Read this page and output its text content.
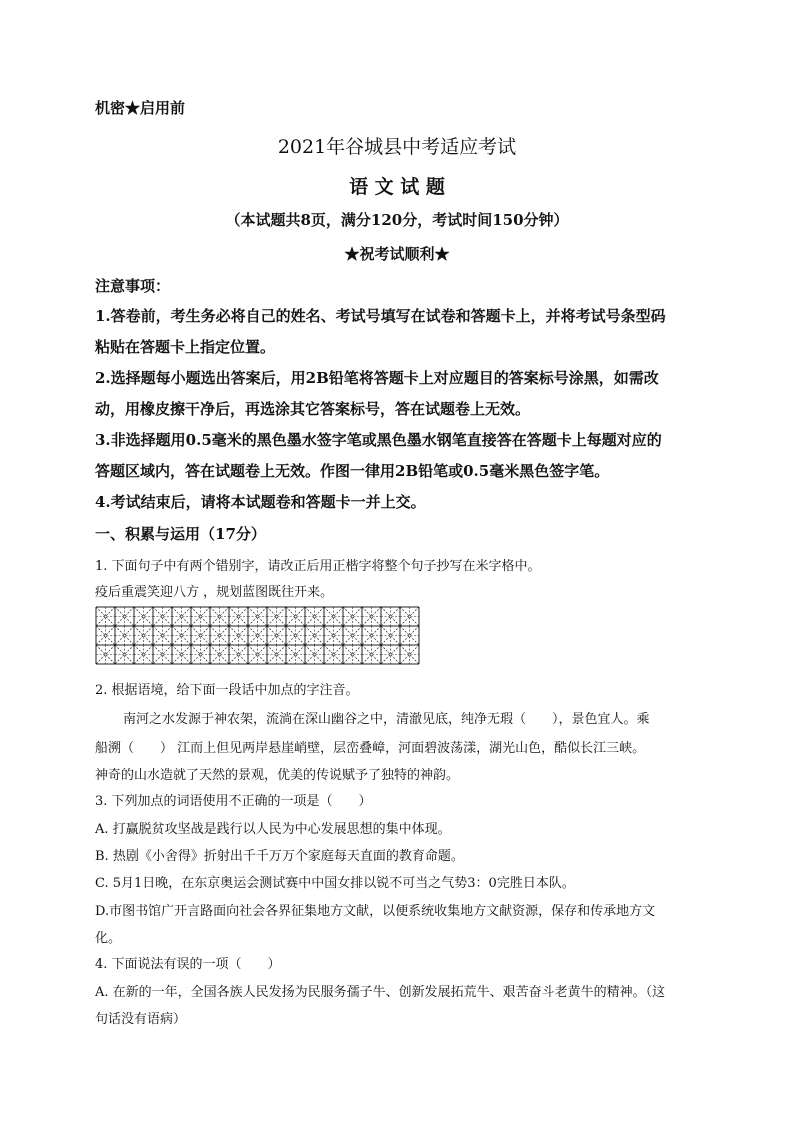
机密★启用前
2021年谷城县中考适应考试
语 文 试 题
（本试题共8页，满分120分，考试时间150分钟）
★祝考试顺利★
注意事项：
1.答卷前，考生务必将自己的姓名、考试号填写在试卷和答题卡上，并将考试号条型码
粘贴在答题卡上指定位置。
2.选择题每小题选出答案后，用2B铅笔将答题卡上对应题目的答案标号涂黑，如需改
动，用橡皮擦干净后，再选涂其它答案标号，答在试题卷上无效。
3.非选择题用0.5毫米的黑色墨水签字笔或黑色墨水钢笔直接答在答题卡上每题对应的
答题区域内，答在试题卷上无效。作图一律用2B铅笔或0.5毫米黑色签字笔。
4.考试结束后，请将本试题卷和答题卡一并上交。
一、积累与运用（17分）
1. 下面句子中有两个错别字，请改正后用正楷字将整个句子抄写在米字格中。
疫后重震笑迎八方 ，规划蓝图既往开来。
2. 根据语境，给下面一段话中加点的字注音。
南河之水发源于神农架，流淌在深山幽谷之中，清澈见底，纯净无瑕（　　），景色宜人。乘
船溯（　　） 江而上但见两岸悬崖峭壁，层峦叠嶂，河面碧波荡漾，湖光山色，酷似长江三峡。
神奇的山水造就了天然的景观，优美的传说赋予了独特的神韵。
3. 下列加点的词语使用不正确的一项是（　　）
A. 打赢脱贫攻坚战是践行以人民为中心发展思想的集中体现。
B. 热剧《小舍得》折射出千千万万个家庭每天直面的教育命题。
C. 5月1日晚，在东京奥运会测试赛中中国女排以锐不可当之气势3：0完胜日本队。
D.市图书馆广开言路面向社会各界征集地方文献，以便系统收集地方文献资源，保存和传承地方文
化。
4. 下面说法有误的一项（　　）
A. 在新的一年，全国各族人民发扬为民服务孺子牛、创新发展拓荒牛、艰苦奋斗老黄牛的精神。（这
句话没有语病）
